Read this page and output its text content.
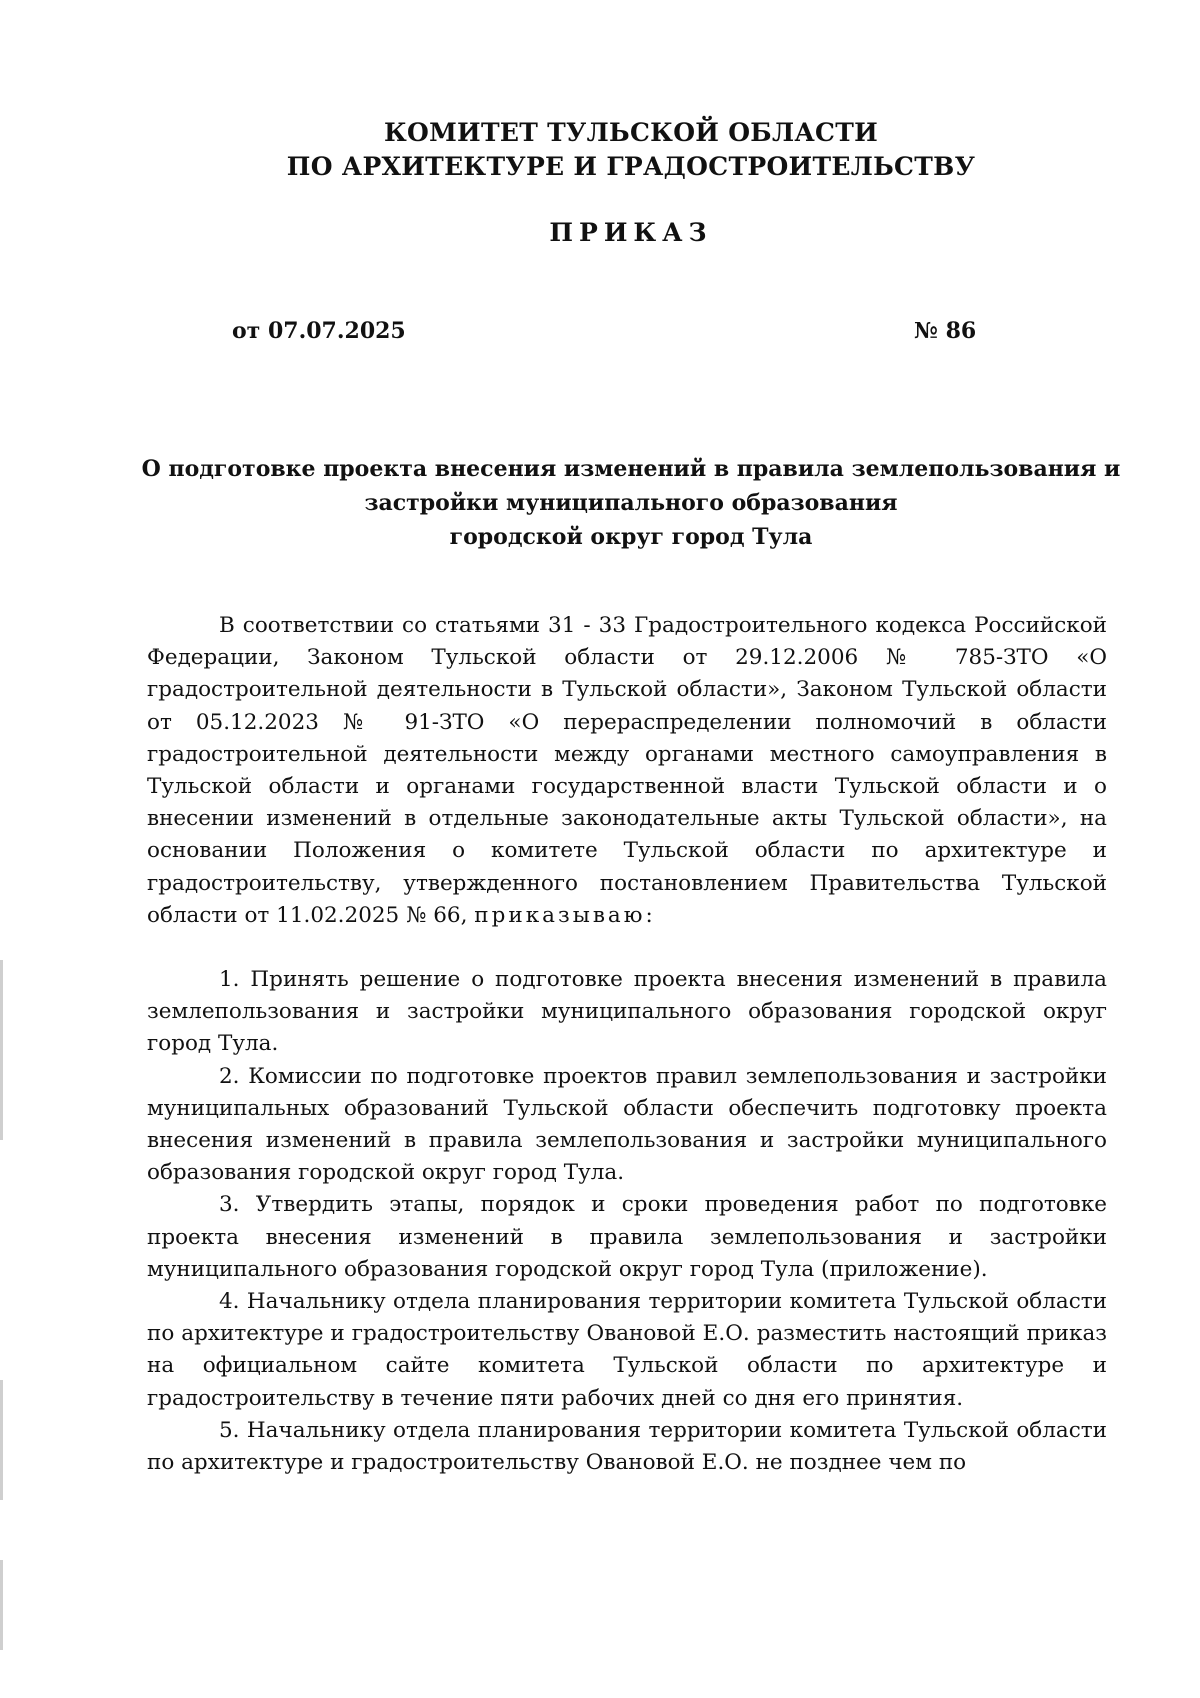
КОМИТЕТ ТУЛЬСКОЙ ОБЛАСТИ
ПО АРХИТЕКТУРЕ И ГРАДОСТРОИТЕЛЬСТВУ
ПРИКАЗ
от 07.07.2025	№ 86
О подготовке проекта внесения изменений в правила землепользования и
застройки муниципального образования
городской округ город Тула

В соответствии со статьями 31 - 33 Градостроительного кодекса Российской Федерации, Законом Тульской области от 29.12.2006 № 785-ЗТО «О градостроительной деятельности в Тульской области», Законом Тульской области от 05.12.2023 № 91-ЗТО «О перераспределении полномочий в области градостроительной деятельности между органами местного самоуправления в Тульской области и органами государственной власти Тульской области и о внесении изменений в отдельные законодательные акты Тульской области», на основании Положения о комитете Тульской области по архитектуре и градостроительству, утвержденного постановлением Правительства Тульской области от 11.02.2025 № 66, приказываю:

1. Принять решение о подготовке проекта внесения изменений в правила землепользования и застройки муниципального образования городской округ город Тула.

2. Комиссии по подготовке проектов правил землепользования и застройки муниципальных образований Тульской области обеспечить подготовку проекта внесения изменений в правила землепользования и застройки муниципального образования городской округ город Тула.

3. Утвердить этапы, порядок и сроки проведения работ по подготовке проекта внесения изменений в правила землепользования и застройки муниципального образования городской округ город Тула (приложение).

4. Начальнику отдела планирования территории комитета Тульской области по архитектуре и градостроительству Овановой Е.О. разместить настоящий приказ на официальном сайте комитета Тульской области по архитектуре и градостроительству в течение пяти рабочих дней со дня его принятия.

5. Начальнику отдела планирования территории комитета Тульской области по архитектуре и градостроительству Овановой Е.О. не позднее чем по
